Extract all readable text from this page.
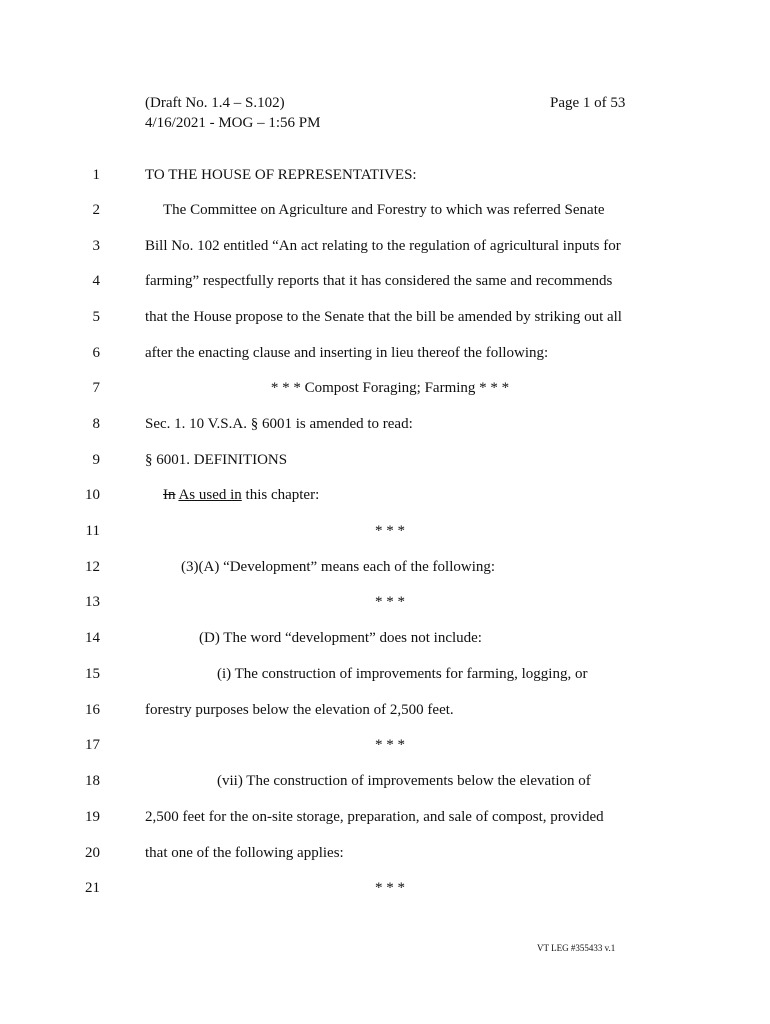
(Draft No. 1.4 – S.102)
4/16/2021 - MOG – 1:56 PM
Page 1 of 53
1	TO THE HOUSE OF REPRESENTATIVES:
2	The Committee on Agriculture and Forestry to which was referred Senate
3	Bill No. 102 entitled “An act relating to the regulation of agricultural inputs for
4	farming” respectfully reports that it has considered the same and recommends
5	that the House propose to the Senate that the bill be amended by striking out all
6	after the enacting clause and inserting in lieu thereof the following:
7	* * * Compost Foraging; Farming * * *
8	Sec. 1. 10 V.S.A. § 6001 is amended to read:
9	§ 6001. DEFINITIONS
10	In As used in this chapter:
11	* * *
12	(3)(A) “Development” means each of the following:
13	* * *
14	(D) The word “development” does not include:
15	(i) The construction of improvements for farming, logging, or
16	forestry purposes below the elevation of 2,500 feet.
17	* * *
18	(vii) The construction of improvements below the elevation of
19	2,500 feet for the on-site storage, preparation, and sale of compost, provided
20	that one of the following applies:
21	* * *
VT LEG #355433 v.1
